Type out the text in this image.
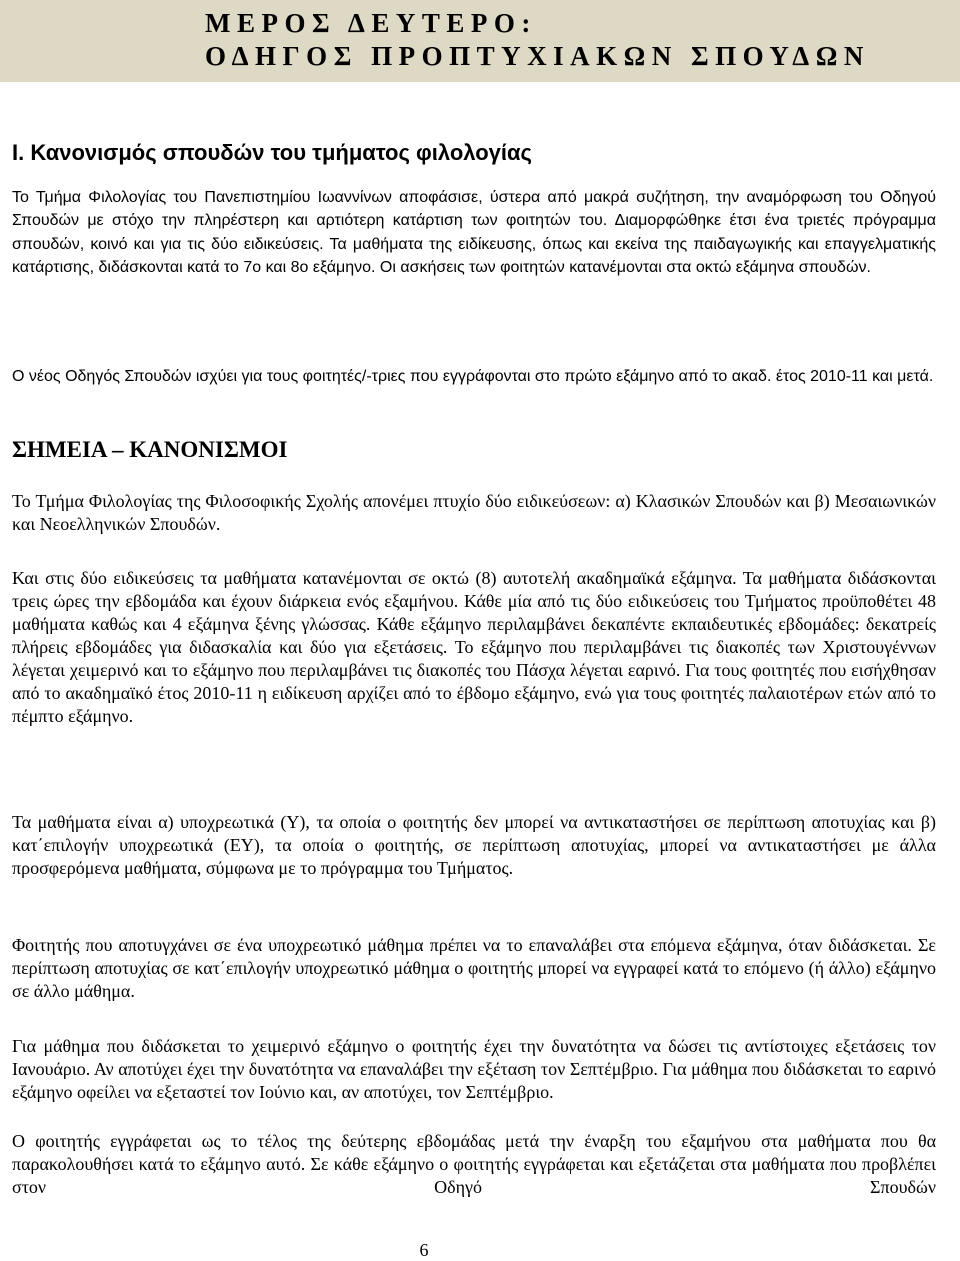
ΜΕΡΟΣ ΔΕΥΤΕΡΟ:
ΟΔΗΓΟΣ ΠΡΟΠΤΥΧΙΑΚΩΝ ΣΠΟΥΔΩΝ
I. Κανονισμός σπουδών του τμήματος φιλολογίας

Το Τμήμα Φιλολογίας του Πανεπιστημίου Ιωαννίνων αποφάσισε, ύστερα από μακρά συζήτηση, την αναμόρφωση του Οδηγού Σπουδών με στόχο την πληρέστερη και αρτιότερη κατάρτιση των φοιτητών του. Διαμορφώθηκε έτσι ένα τριετές πρόγραμμα σπουδών, κοινό και για τις δύο ειδικεύσεις. Τα μαθήματα της ειδίκευσης, όπως και εκείνα της παιδαγωγικής και επαγγελματικής κατάρτισης, διδάσκονται κατά το 7ο και 8ο εξάμηνο. Οι ασκήσεις των φοιτητών κατανέμονται στα οκτώ εξάμηνα σπουδών.

Ο νέος Οδηγός Σπουδών ισχύει για τους φοιτητές/-τριες που εγγράφονται στο πρώτο εξάμηνο από το ακαδ. έτος 2010-11 και μετά.

ΣΗΜΕΙΑ – ΚΑΝΟΝΙΣΜΟΙ

Το Τμήμα Φιλολογίας της Φιλοσοφικής Σχολής απονέμει πτυχίο δύο ειδικεύσεων: α) Κλασικών Σπουδών και β) Μεσαιωνικών και Νεοελληνικών Σπουδών.

Και στις δύο ειδικεύσεις τα μαθήματα κατανέμονται σε οκτώ (8) αυτοτελή ακαδημαϊκά εξάμηνα. Τα μαθήματα διδάσκονται τρεις ώρες την εβδομάδα και έχουν διάρκεια ενός εξαμήνου. Κάθε μία από τις δύο ειδικεύσεις του Τμήματος προϋποθέτει 48 μαθήματα καθώς και 4 εξάμηνα ξένης γλώσσας. Κάθε εξάμηνο περιλαμβάνει δεκαπέντε εκπαιδευτικές εβδομάδες: δεκατρείς πλήρεις εβδομάδες για διδασκαλία και δύο για εξετάσεις. Το εξάμηνο που περιλαμβάνει τις διακοπές των Χριστουγέννων λέγεται χειμερινό και το εξάμηνο που περιλαμβάνει τις διακοπές του Πάσχα λέγεται εαρινό. Για τους φοιτητές που εισήχθησαν από το ακαδημαϊκό έτος 2010-11 η ειδίκευση αρχίζει από το έβδομο εξάμηνο, ενώ για τους φοιτητές παλαιοτέρων ετών από το πέμπτο εξάμηνο.

Τα μαθήματα είναι α) υποχρεωτικά (Υ), τα οποία ο φοιτητής δεν μπορεί να αντικαταστήσει σε περίπτωση αποτυχίας και β) κατ΄επιλογήν υποχρεωτικά (ΕΥ), τα οποία ο φοιτητής, σε περίπτωση αποτυχίας, μπορεί να αντικαταστήσει με άλλα προσφερόμενα μαθήματα, σύμφωνα με το πρόγραμμα του Τμήματος.

Φοιτητής που αποτυγχάνει σε ένα υποχρεωτικό μάθημα πρέπει να το επαναλάβει στα επόμενα εξάμηνα, όταν διδάσκεται. Σε περίπτωση αποτυχίας σε κατ΄επιλογήν υποχρεωτικό μάθημα ο φοιτητής μπορεί να εγγραφεί κατά το επόμενο (ή άλλο) εξάμηνο σε άλλο μάθημα.

Για μάθημα που διδάσκεται το χειμερινό εξάμηνο ο φοιτητής έχει την δυνατότητα να δώσει τις αντίστοιχες εξετάσεις τον Ιανουάριο. Αν αποτύχει έχει την δυνατότητα να επαναλάβει την εξέταση τον Σεπτέμβριο. Για μάθημα που διδάσκεται το εαρινό εξάμηνο οφείλει να εξεταστεί τον Ιούνιο και, αν αποτύχει, τον Σεπτέμβριο.

Ο φοιτητής εγγράφεται ως το τέλος της δεύτερης εβδομάδας μετά την έναρξη του εξαμήνου στα μαθήματα που θα παρακολουθήσει κατά το εξάμηνο αυτό. Σε κάθε εξάμηνο ο φοιτητής εγγράφεται και εξετάζεται στα μαθήματα που προβλέπει στον Οδηγό Σπουδών

6
